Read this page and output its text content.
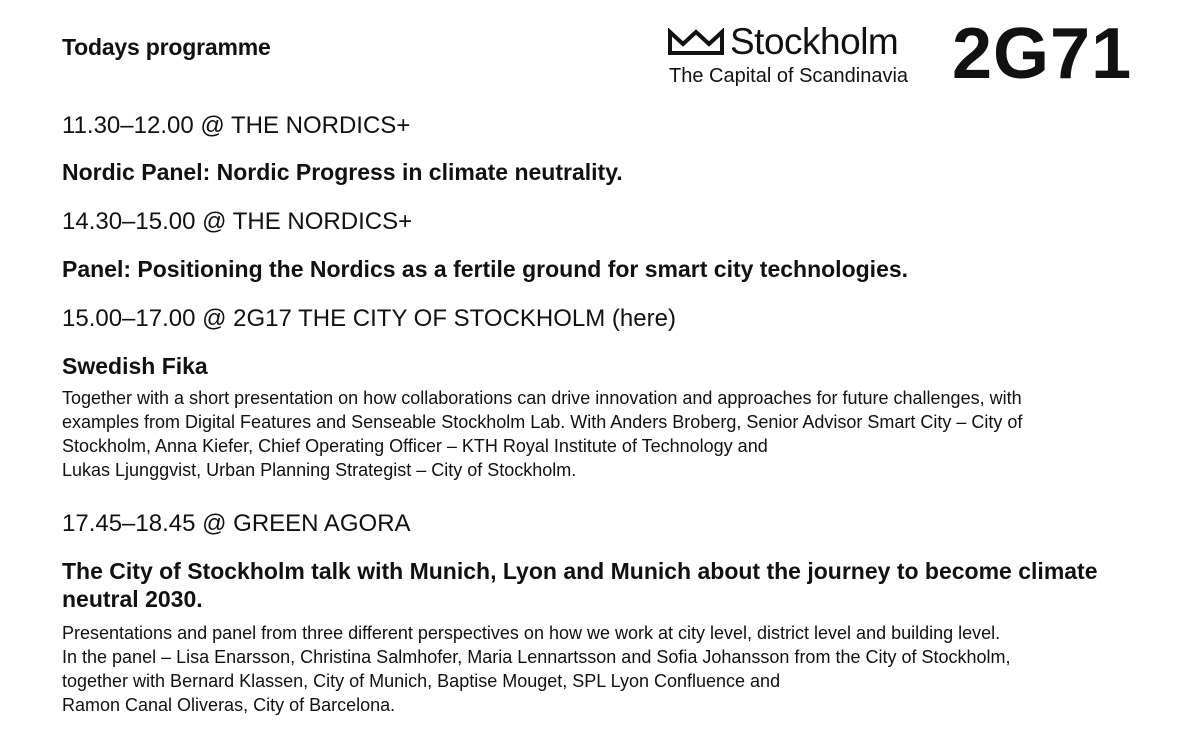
Todays programme	Stockholm
The Capital of Scandinavia 2G71
11.30–12.00 @ THE NORDICS+
Nordic Panel: Nordic Progress in climate neutrality.
14.30–15.00 @ THE NORDICS+
Panel: Positioning the Nordics as a fertile ground for smart city technologies.
15.00–17.00 @ 2G17 THE CITY OF STOCKHOLM (here)
Swedish Fika
Together with a short presentation on how collaborations can drive innovation and approaches for future challenges, with
examples from Digital Features and Senseable Stockholm Lab. With Anders Broberg, Senior Advisor Smart City – City of
Stockholm, Anna Kiefer, Chief Operating Officer – KTH Royal Institute of Technology and
Lukas Ljunggvist, Urban Planning Strategist – City of Stockholm.
17.45–18.45 @ GREEN AGORA
The City of Stockholm talk with Munich, Lyon and Munich about the journey to become climate neutral 2030.
Presentations and panel from three different perspectives on how we work at city level, district level and building level.
In the panel – Lisa Enarsson, Christina Salmhofer, Maria Lennartsson and Sofia Johansson from the City of Stockholm,
together with Bernard Klassen, City of Munich, Baptise Mouget, SPL Lyon Confluence and
Ramon Canal Oliveras, City of Barcelona.
